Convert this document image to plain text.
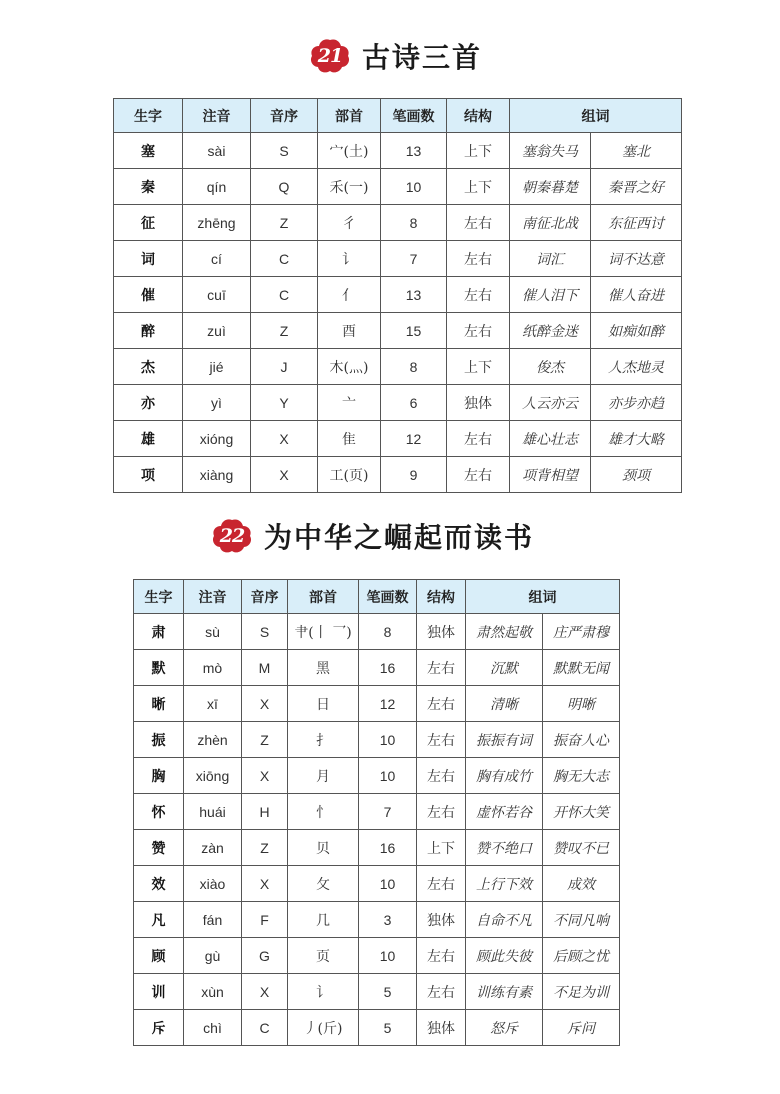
21 古诗三首
生字	注音	音序	部首	笔画数	结构	组词	
塞	sài	S	宀(土)	13	上下	塞翁失马	塞北
秦	qín	Q	禾(一)	10	上下	朝秦暮楚	秦晋之好
征	zhēng	Z	彳	8	左右	南征北战	东征西讨
词	cí	C	讠	7	左右	词汇	词不达意
催	cuī	C	亻	13	左右	催人泪下	催人奋进
醉	zuì	Z	酉	15	左右	纸醉金迷	如痴如醉
杰	jié	J	木(灬)	8	上下	俊杰	人杰地灵
亦	yì	Y	亠	6	独体	人云亦云	亦步亦趋
雄	xióng	X	隹	12	左右	雄心壮志	雄才大略
项	xiàng	X	工(页)	9	左右	项背相望	颈项
22 为中华之崛起而读书
生字	注音	音序	部首	笔画数	结构	组词	
肃	sù	S	肀(丨 乛)	8	独体	肃然起敬	庄严肃穆
默	mò	M	黑	16	左右	沉默	默默无闻
晰	xī	X	日	12	左右	清晰	明晰
振	zhèn	Z	扌	10	左右	振振有词	振奋人心
胸	xiōng	X	月	10	左右	胸有成竹	胸无大志
怀	huái	H	忄	7	左右	虚怀若谷	开怀大笑
赞	zàn	Z	贝	16	上下	赞不绝口	赞叹不已
效	xiào	X	攵	10	左右	上行下效	成效
凡	fán	F	几	3	独体	自命不凡	不同凡响
顾	gù	G	页	10	左右	顾此失彼	后顾之忧
训	xùn	X	讠	5	左右	训练有素	不足为训
斥	chì	C	丿(斤)	5	独体	怒斥	斥问
